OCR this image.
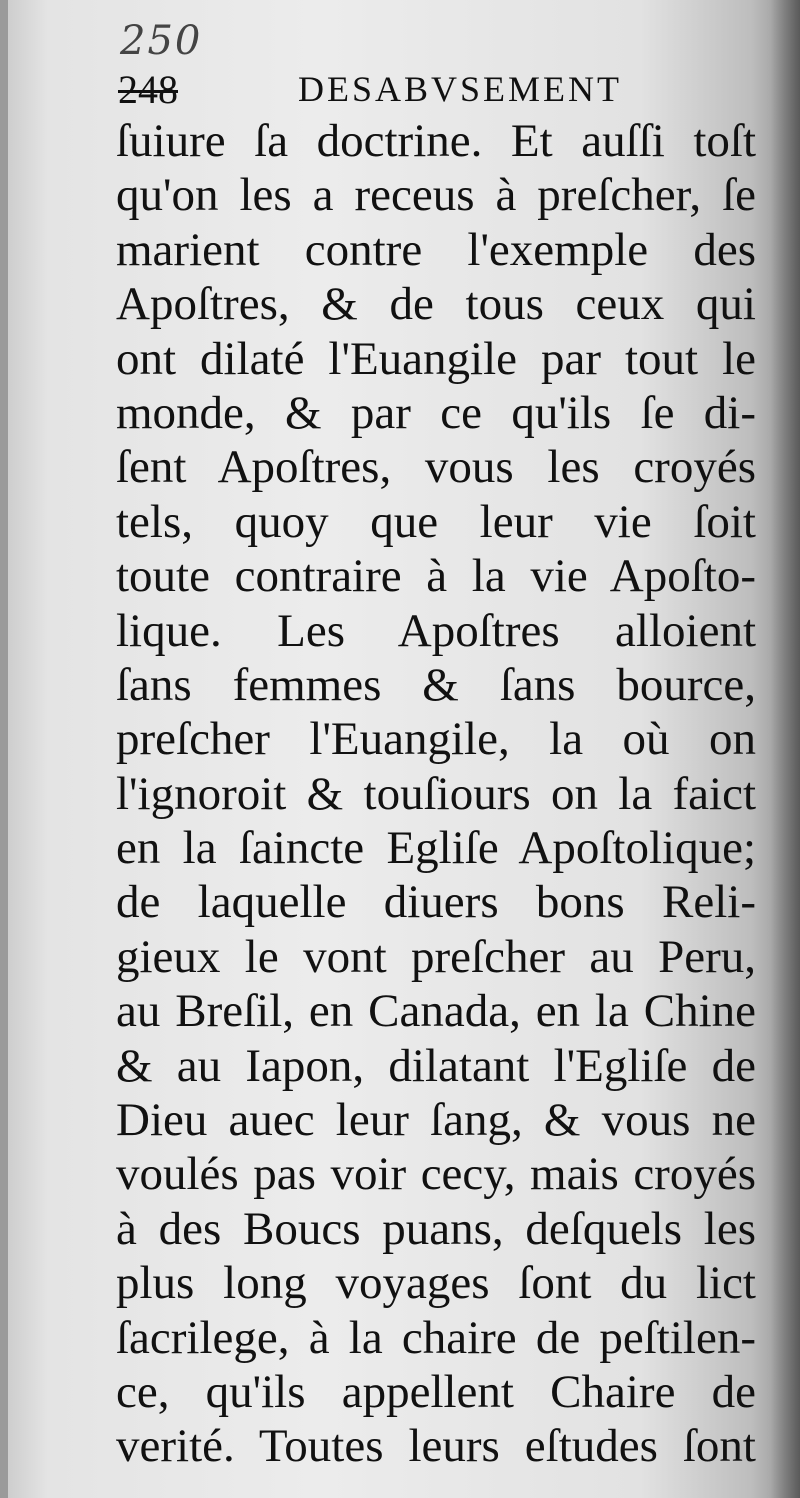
250
248	DESABVSEMENT
ſuiure ſa doctrine. Et auſſi toſt
qu'on les a receus à preſcher, ſe
marient contre l'exemple des
Apoſtres, & de tous ceux qui
ont dilaté l'Euangile par tout le
monde, & par ce qu'ils ſe di-
ſent Apoſtres, vous les croyés
tels, quoy que leur vie ſoit
toute contraire à la vie Apoſto-
lique. Les Apoſtres alloient
ſans femmes & ſans bource,
preſcher l'Euangile, la où on
l'ignoroit & touſiours on la faict
en la ſaincte Egliſe Apoſtolique;
de laquelle diuers bons Reli-
gieux le vont preſcher au Peru,
au Breſil, en Canada, en la Chine
& au Iapon, dilatant l'Egliſe de
Dieu auec leur ſang, & vous ne
voulés pas voir cecy, mais croyés
à des Boucs puans, deſquels les
plus long voyages ſont du lict
ſacrilege, à la chaire de peſtilen-
ce, qu'ils appellent Chaire de
verité. Toutes leurs eſtudes ſont
